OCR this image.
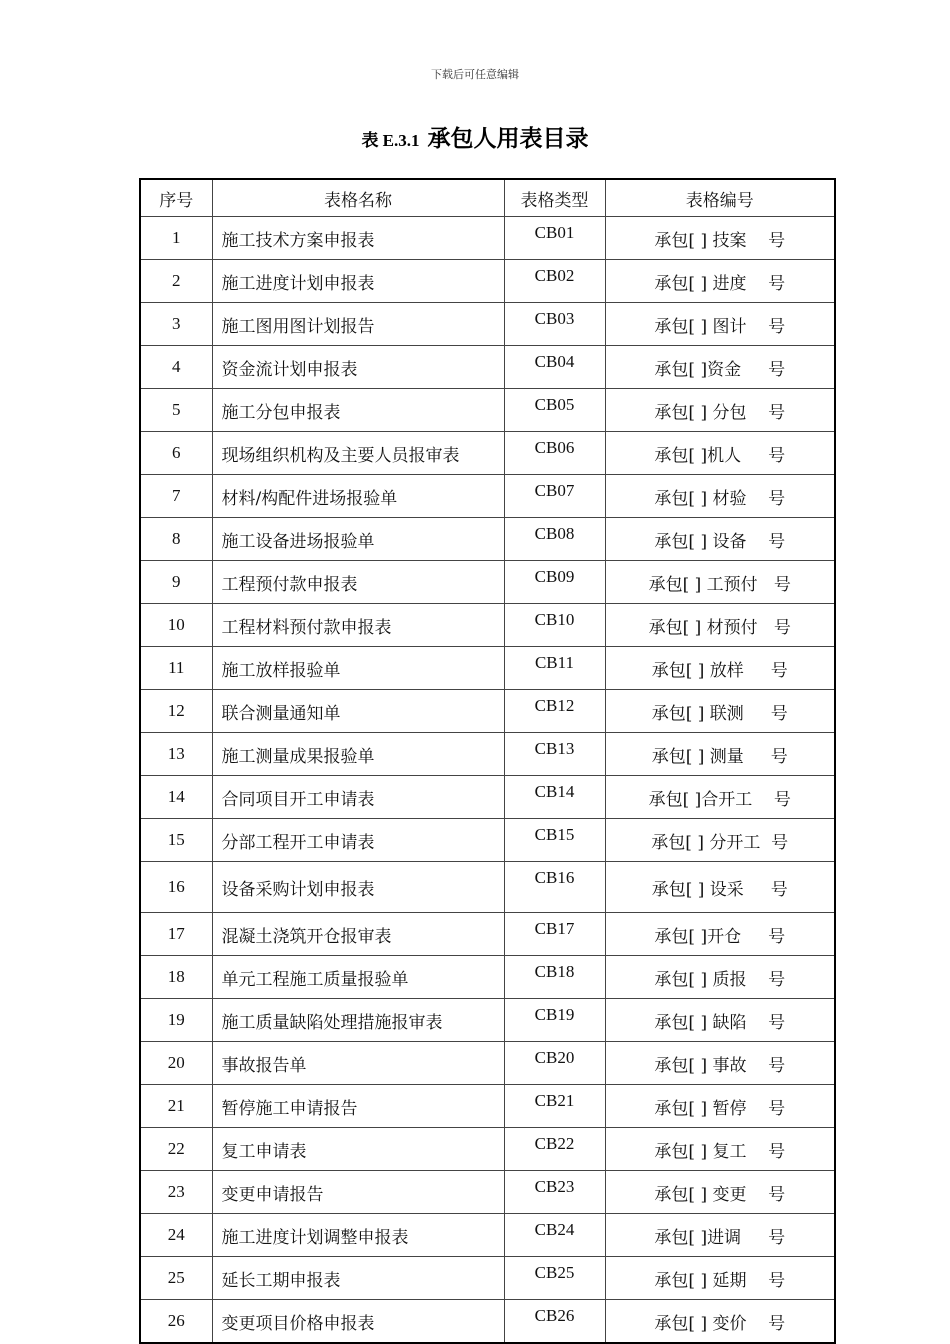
下载后可任意编辑
表 E.3.1 承包人用表目录
序号	表格名称	表格类型	表格编号
1	施工技术方案申报表	CB01	承包[ ] 技案    号
2	施工进度计划申报表	CB02	承包[ ] 进度    号
3	施工图用图计划报告	CB03	承包[ ] 图计    号
4	资金流计划申报表	CB04	承包[ ]资金     号
5	施工分包申报表	CB05	承包[ ] 分包    号
6	现场组织机构及主要人员报审表	CB06	承包[ ]机人     号
7	材料/构配件进场报验单	CB07	承包[ ] 材验    号
8	施工设备进场报验单	CB08	承包[ ] 设备    号
9	工程预付款申报表	CB09	承包[ ] 工预付   号
10	工程材料预付款申报表	CB10	承包[ ] 材预付   号
11	施工放样报验单	CB11	承包[ ] 放样     号
12	联合测量通知单	CB12	承包[ ] 联测     号
13	施工测量成果报验单	CB13	承包[ ] 测量     号
14	合同项目开工申请表	CB14	承包[ ]合开工    号
15	分部工程开工申请表	CB15	承包[ ] 分开工  号
16	设备采购计划申报表	CB16	承包[ ] 设采     号
17	混凝土浇筑开仓报审表	CB17	承包[ ]开仓     号
18	单元工程施工质量报验单	CB18	承包[ ] 质报    号
19	施工质量缺陷处理措施报审表	CB19	承包[ ] 缺陷    号
20	事故报告单	CB20	承包[ ] 事故    号
21	暂停施工申请报告	CB21	承包[ ] 暂停    号
22	复工申请表	CB22	承包[ ] 复工    号
23	变更申请报告	CB23	承包[ ] 变更    号
24	施工进度计划调整申报表	CB24	承包[ ]进调     号
25	延长工期申报表	CB25	承包[ ] 延期    号
26	变更项目价格申报表	CB26	承包[ ] 变价    号
